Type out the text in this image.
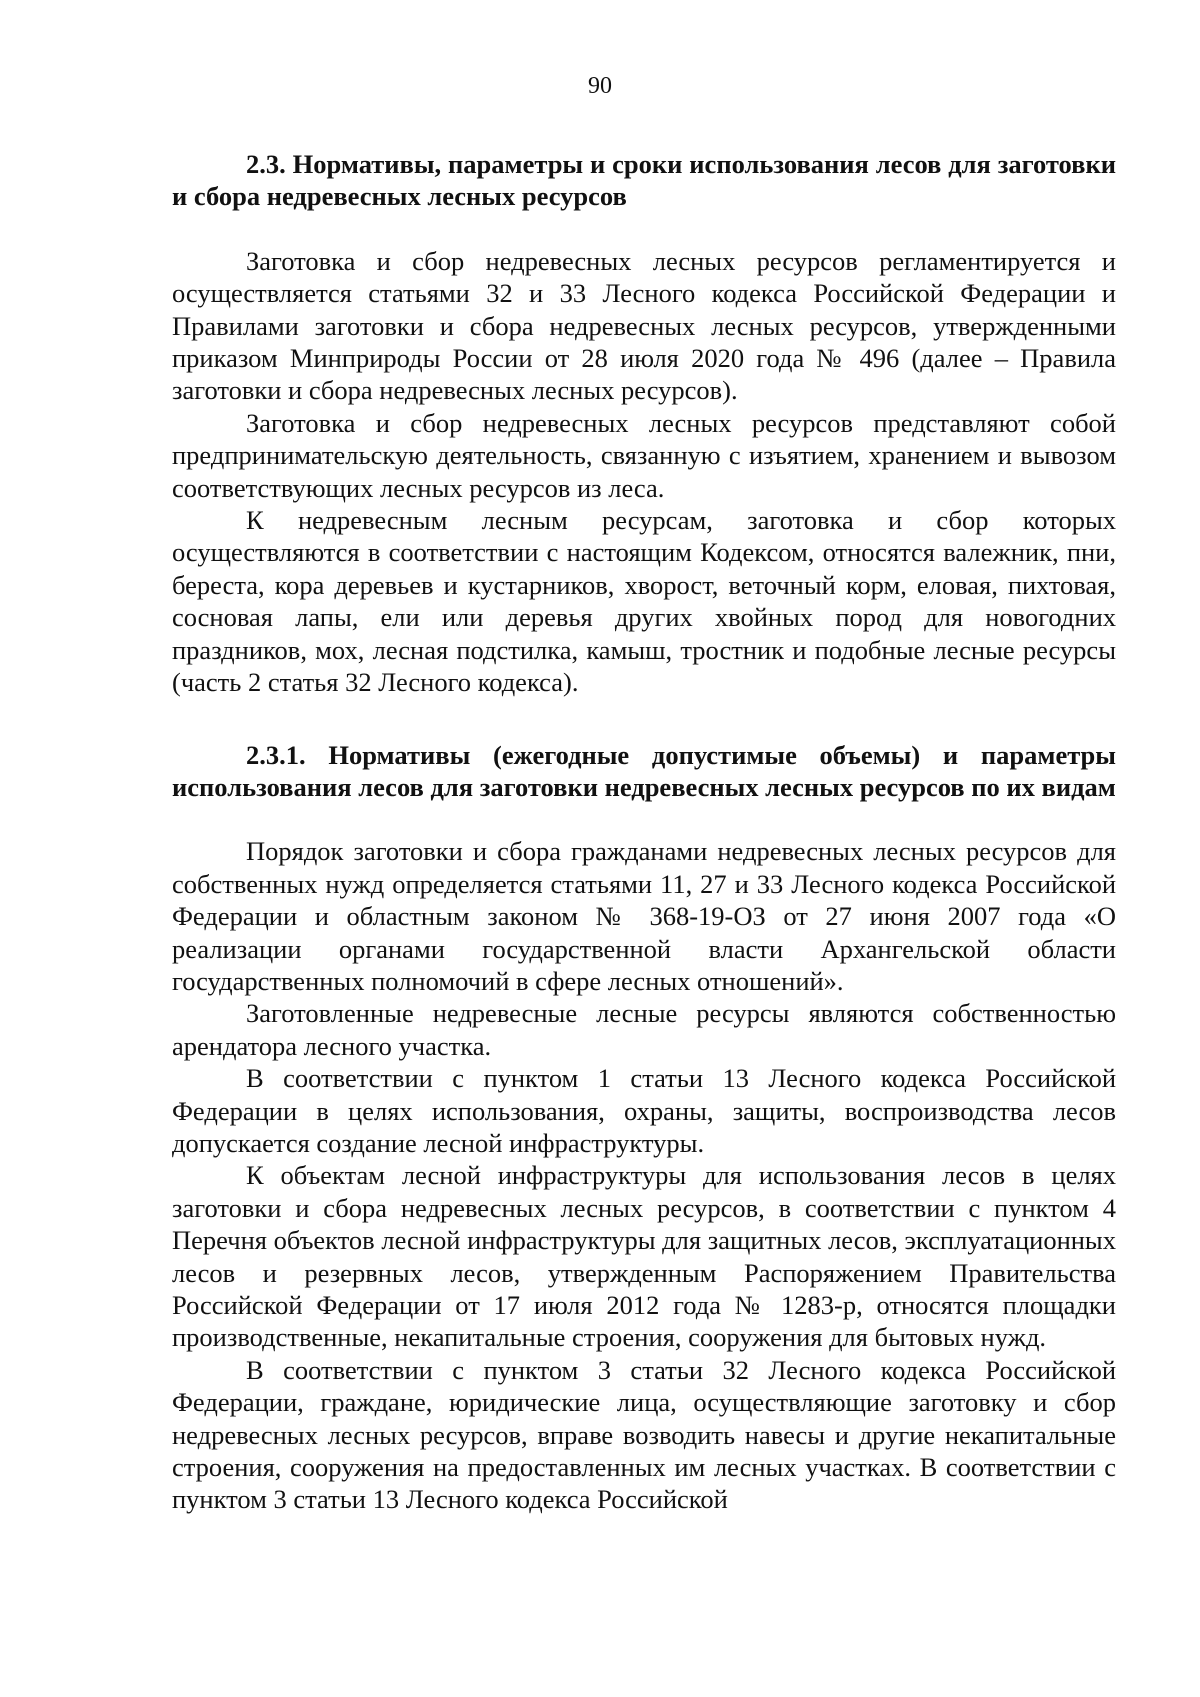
90

2.3. Нормативы, параметры и сроки использования лесов для заготовки и сбора недревесных лесных ресурсов

Заготовка и сбор недревесных лесных ресурсов регламентируется и осуществляется статьями 32 и 33 Лесного кодекса Российской Федерации и Правилами заготовки и сбора недревесных лесных ресурсов, утвержденными приказом Минприроды России от 28 июля 2020 года № 496 (далее – Правила заготовки и сбора недревесных лесных ресурсов).

Заготовка и сбор недревесных лесных ресурсов представляют собой предпринимательскую деятельность, связанную с изъятием, хранением и вывозом соответствующих лесных ресурсов из леса.

К недревесным лесным ресурсам, заготовка и сбор которых осуществляются в соответствии с настоящим Кодексом, относятся валежник, пни, береста, кора деревьев и кустарников, хворост, веточный корм, еловая, пихтовая, сосновая лапы, ели или деревья других хвойных пород для новогодних праздников, мох, лесная подстилка, камыш, тростник и подобные лесные ресурсы (часть 2 статья 32 Лесного кодекса).

2.3.1. Нормативы (ежегодные допустимые объемы) и параметры использования лесов для заготовки недревесных лесных ресурсов по их видам

Порядок заготовки и сбора гражданами недревесных лесных ресурсов для собственных нужд определяется статьями 11, 27 и 33 Лесного кодекса Российской Федерации и областным законом № 368-19-ОЗ от 27 июня 2007 года «О реализации органами государственной власти Архангельской области государственных полномочий в сфере лесных отношений».

Заготовленные недревесные лесные ресурсы являются собственностью арендатора лесного участка.

В соответствии с пунктом 1 статьи 13 Лесного кодекса Российской Федерации в целях использования, охраны, защиты, воспроизводства лесов допускается создание лесной инфраструктуры.

К объектам лесной инфраструктуры для использования лесов в целях заготовки и сбора недревесных лесных ресурсов, в соответствии с пунктом 4 Перечня объектов лесной инфраструктуры для защитных лесов, эксплуатационных лесов и резервных лесов, утвержденным Распоряжением Правительства Российской Федерации от 17 июля 2012 года № 1283-р, относятся площадки производственные, некапитальные строения, сооружения для бытовых нужд.

В соответствии с пунктом 3 статьи 32 Лесного кодекса Российской Федерации, граждане, юридические лица, осуществляющие заготовку и сбор недревесных лесных ресурсов, вправе возводить навесы и другие некапитальные строения, сооружения на предоставленных им лесных участках. В соответствии с пунктом 3 статьи 13 Лесного кодекса Российской
